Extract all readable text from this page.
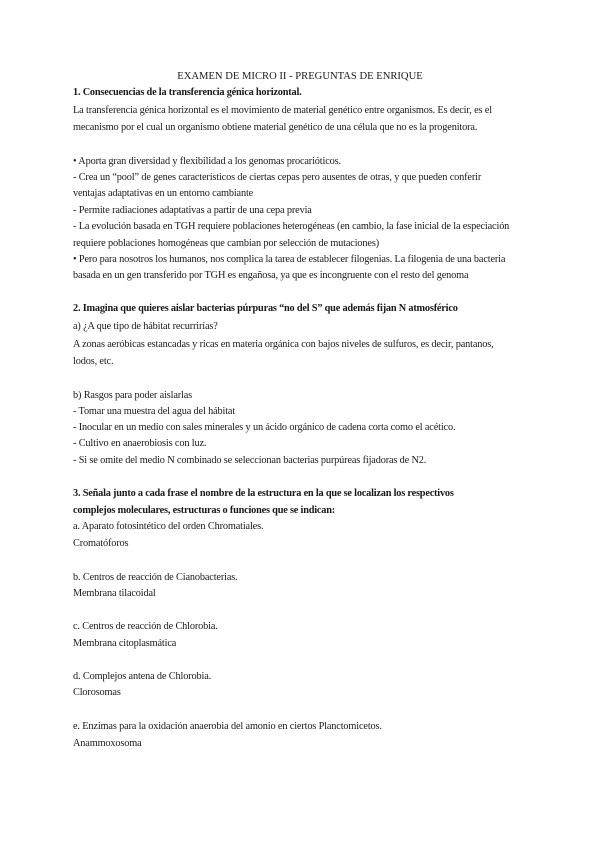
EXAMEN DE MICRO II - PREGUNTAS DE ENRIQUE
1. Consecuencias de la transferencia génica horizontal.
La transferencia génica horizontal es el movimiento de material genético entre organismos. Es decir, es el
mecanismo por el cual un organismo obtiene material genético de una célula que no es la progenitora.
• Aporta gran diversidad y flexibilidad a los genomas procarióticos.
- Crea un “pool” de genes característicos de ciertas cepas pero ausentes de otras, y que pueden conferir
ventajas adaptativas en un entorno cambiante
- Permite radiaciones adaptativas a partir de una cepa previa
- La evolución basada en TGH requiere poblaciones heterogéneas (en cambio, la fase inicial de la especiación
requiere poblaciones homogéneas que cambian por selección de mutaciones)
• Pero para nosotros los humanos, nos complica la tarea de establecer filogenias. La filogenia de una bacteria
basada en un gen transferido por TGH es engañosa, ya que es incongruente con el resto del genoma
2. Imagina que quieres aislar bacterias púrpuras “no del S” que además fijan N atmosférico
a) ¿A que tipo de hábitat recurrirías?
A zonas aeróbicas estancadas y ricas en materia orgánica con bajos niveles de sulfuros, es decir, pantanos,
lodos, etc.
b) Rasgos para poder aislarlas
- Tomar una muestra del agua del hábitat
- Inocular en un medio con sales minerales y un ácido orgánico de cadena corta como el acético.
- Cultivo en anaerobiosis con luz.
- Si se omite del medio N combinado se seleccionan bacterias purpúreas fijadoras de N2.
3. Señala junto a cada frase el nombre de la estructura en la que se localizan los respectivos
complejos moleculares, estructuras o funciones que se indican:
a. Aparato fotosintético del orden Chromatiales.
Cromatóforos
b. Centros de reacción de Cianobacterias.
Membrana tilacoidal
c. Centros de reacción de Chlorobia.
Membrana citoplasmática
d. Complejos antena de Chlorobia.
Clorosomas
e. Enzimas para la oxidación anaerobia del amonio en ciertos Planctomicetos.
Anammoxosoma
